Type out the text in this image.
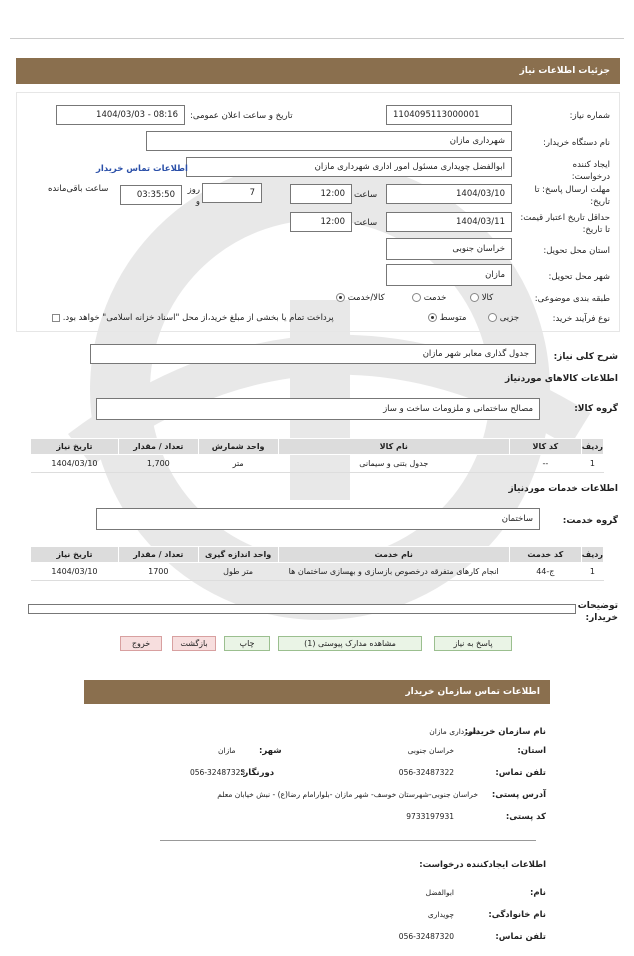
جزئیات اطلاعات نیاز
شماره نیاز:
1104095113000001
تاریخ و ساعت اعلان عمومی:
1404/03/03 - 08:16
نام دستگاه خریدار:
شهرداری مازان
ایجاد کننده درخواست:
ابوالفضل چویداری مسئول امور اداری شهرداری مازان
اطلاعات تماس خریدار
مهلت ارسال پاسخ: تا تاریخ:
1404/03/10
ساعت
12:00
7
روز و
03:35:50
ساعت باقی‌مانده
حداقل تاریخ اعتبار قیمت: تا تاریخ:
1404/03/11
ساعت
12:00
استان محل تحویل:
خراسان جنوبی
شهر محل تحویل:
مازان
طبقه بندی موضوعی:
کالا
خدمت
کالا/خدمت
نوع فرآیند خرید:
جزیی
متوسط
پرداخت تمام یا بخشی از مبلغ خرید،از محل "اسناد خزانه اسلامی" خواهد بود.
شرح کلی نیاز:
جدول گذاری معابر شهر مازان
اطلاعات کالاهای موردنیاز
گروه کالا:
مصالح ساختمانی و ملزومات ساخت و ساز
ردیف	کد کالا	نام کالا	واحد شمارش	تعداد / مقدار	تاریخ نیاز
1	--	جدول بتنی و سیمانی	متر	1,700	1404/03/10
اطلاعات خدمات موردنیاز
گروه خدمت:
ساختمان
ردیف	کد خدمت	نام خدمت	واحد اندازه گیری	تعداد / مقدار	تاریخ نیاز
1	ج-44	انجام کارهای متفرقه درخصوص بازسازی و بهسازی ساختمان ها	متر طول	1700	1404/03/10
توضیحات خریدار:
پاسخ به نیاز
مشاهده مدارک پیوستی (1)
چاپ
بازگشت
خروج
اطلاعات تماس سازمان خریدار
نام سازمان خریدار:
شهرداری مازان
استان:
خراسان جنوبی
شهر:
مازان
تلفن تماس:
056-32487322
دورنگار:
056-32487323
آدرس پستی:
خراسان جنوبی-شهرستان خوسف- شهر مازان -بلوارامام رضا(ع) - نبش خیابان معلم
کد پستی:
9733197931
اطلاعات ایجادکننده درخواست:
نام:
ابوالفضل
نام خانوادگی:
چویداری
تلفن تماس:
056-32487320
